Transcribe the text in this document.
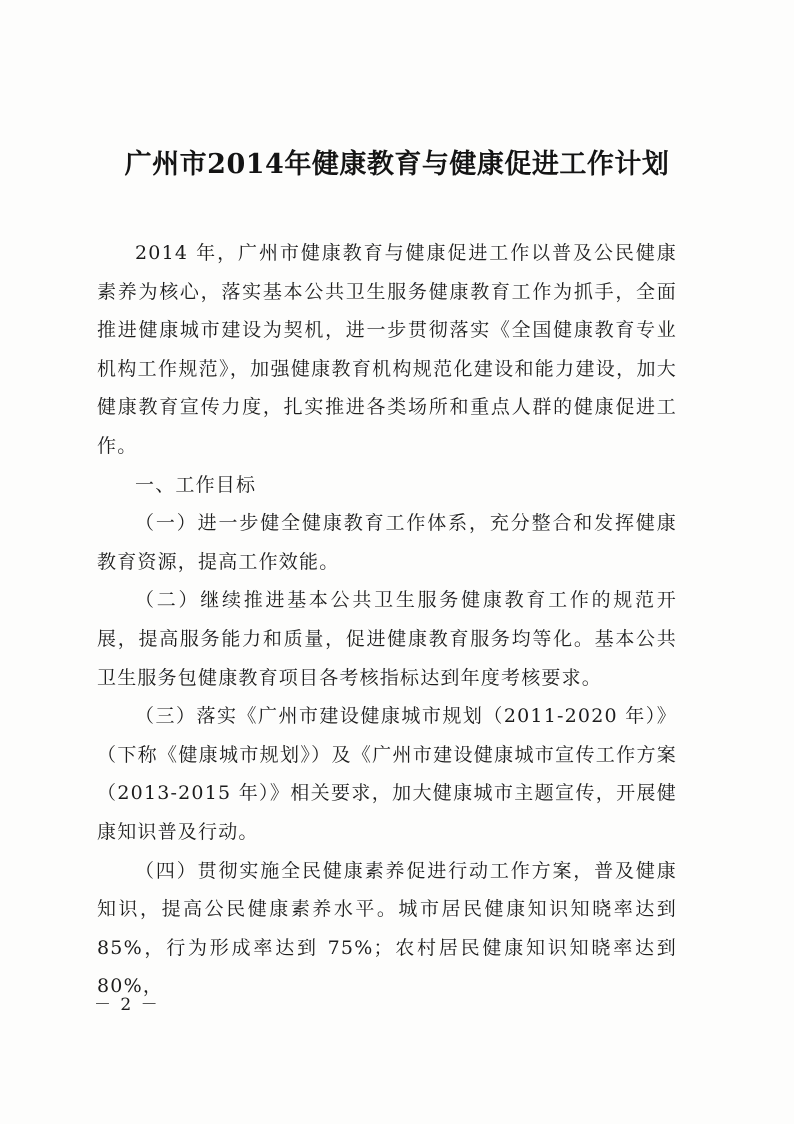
广州市2014年健康教育与健康促进工作计划

2014 年，广州市健康教育与健康促进工作以普及公民健康素养为核心，落实基本公共卫生服务健康教育工作为抓手，全面推进健康城市建设为契机，进一步贯彻落实《全国健康教育专业机构工作规范》，加强健康教育机构规范化建设和能力建设，加大健康教育宣传力度，扎实推进各类场所和重点人群的健康促进工作。

一、工作目标

（一）进一步健全健康教育工作体系，充分整合和发挥健康教育资源，提高工作效能。

（二）继续推进基本公共卫生服务健康教育工作的规范开展，提高服务能力和质量，促进健康教育服务均等化。基本公共卫生服务包健康教育项目各考核指标达到年度考核要求。

（三）落实《广州市建设健康城市规划（2011-2020 年）》（下称《健康城市规划》）及《广州市建设健康城市宣传工作方案（2013-2015 年）》相关要求，加大健康城市主题宣传，开展健康知识普及行动。

（四）贯彻实施全民健康素养促进行动工作方案，普及健康知识，提高公民健康素养水平。城市居民健康知识知晓率达到85%，行为形成率达到 75%；农村居民健康知识知晓率达到 80%，

－ 2 －
